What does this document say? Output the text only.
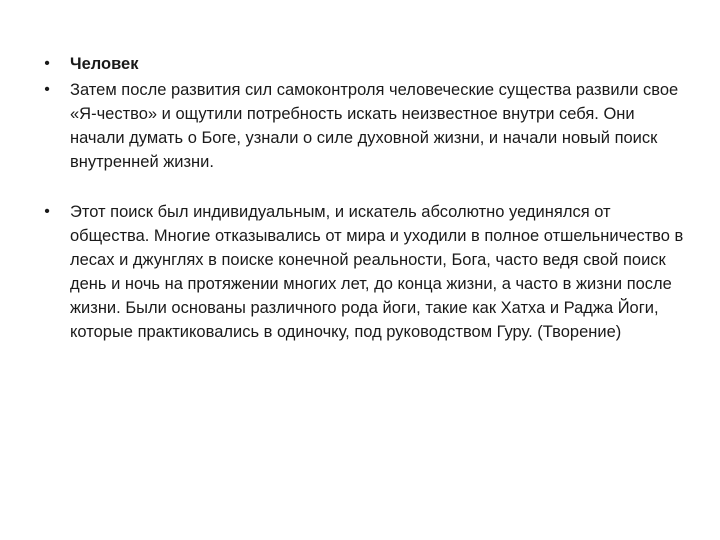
• Человек
• Затем после развития сил самоконтроля человеческие существа развили свое «Я-чество» и ощутили потребность искать неизвестное внутри себя. Они начали думать о Боге, узнали о силе духовной жизни, и начали новый поиск внутренней жизни.
• Этот поиск был индивидуальным, и искатель абсолютно уединялся от общества. Многие отказывались от мира и уходили в полное отшельничество в лесах и джунглях в поиске конечной реальности, Бога, часто ведя свой поиск день и ночь на протяжении многих лет, до конца жизни, а часто в жизни после жизни. Были основаны различного рода йоги, такие как Хатха и Раджа Йоги, которые практиковались в одиночку, под руководством Гуру. (Творение)
